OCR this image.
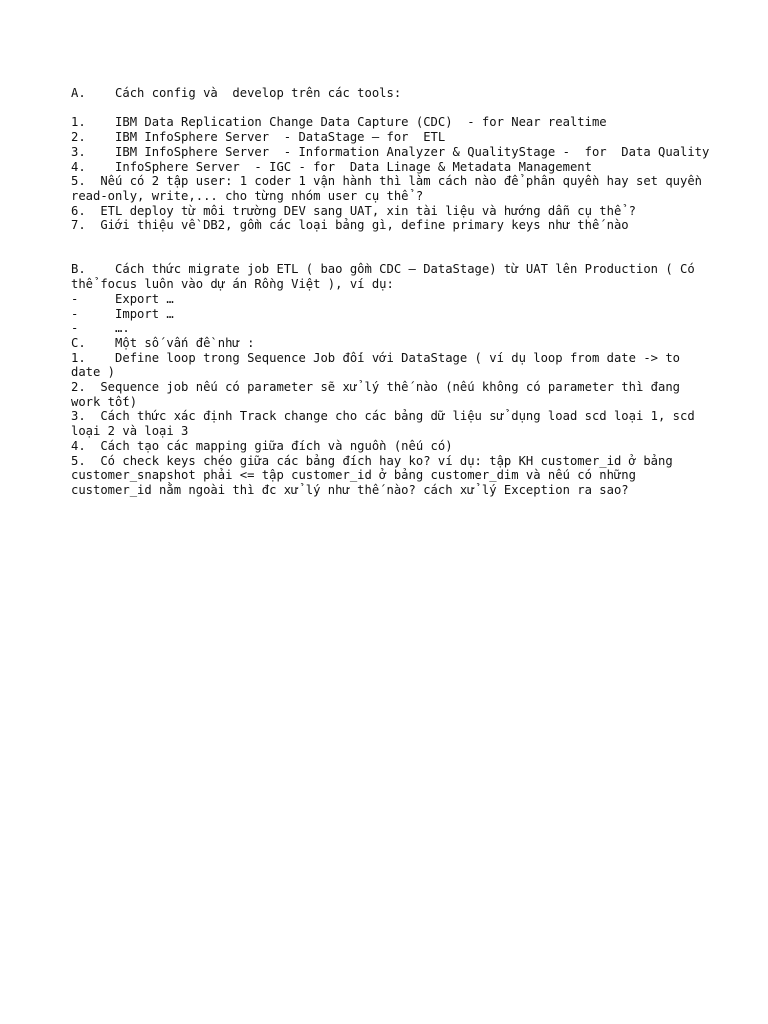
A.    Cách config và  develop trên các tools:
1.    IBM Data Replication Change Data Capture (CDC)  - for Near realtime
2.    IBM InfoSphere Server  - DataStage – for  ETL
3.    IBM InfoSphere Server  - Information Analyzer & QualityStage -  for  Data Quality
4.    InfoSphere Server  - IGC - for  Data Linage & Metadata Management
5.  Nếu có 2 tập user: 1 coder 1 vận hành thì làm cách nào để phân quyền hay set quyền read-only, write,... cho từng nhóm user cụ thể ?
6.  ETL deploy từ môi trường DEV sang UAT, xin tài liệu và hướng dẫn cụ thể ?
7.  Giới thiệu về DB2, gồm các loại bảng gì, define primary keys như thế nào
B.    Cách thức migrate job ETL ( bao gồm CDC – DataStage) từ UAT lên Production ( Có thể focus luôn vào dự án Rồng Việt ), ví dụ:
-     Export …
-     Import …
-     ….
C.    Một số vấn đề như :
1.    Define loop trong Sequence Job đối với DataStage ( ví dụ loop from date -> to date )
2.  Sequence job nếu có parameter sẽ xử lý thế nào (nếu không có parameter thì đang work tốt)
3.  Cách thức xác định Track change cho các bảng dữ liệu sử dụng load scd loại 1, scd loại 2 và loại 3
4.  Cách tạo các mapping giữa đích và nguồn (nếu có)
5.  Có check keys chéo giữa các bảng đích hay ko? ví dụ: tập KH customer_id ở bảng customer_snapshot phải <= tập customer_id ở bảng customer_dim và nếu có những customer_id nằm ngoài thì đc xử lý như thế nào? cách xử lý Exception ra sao?
